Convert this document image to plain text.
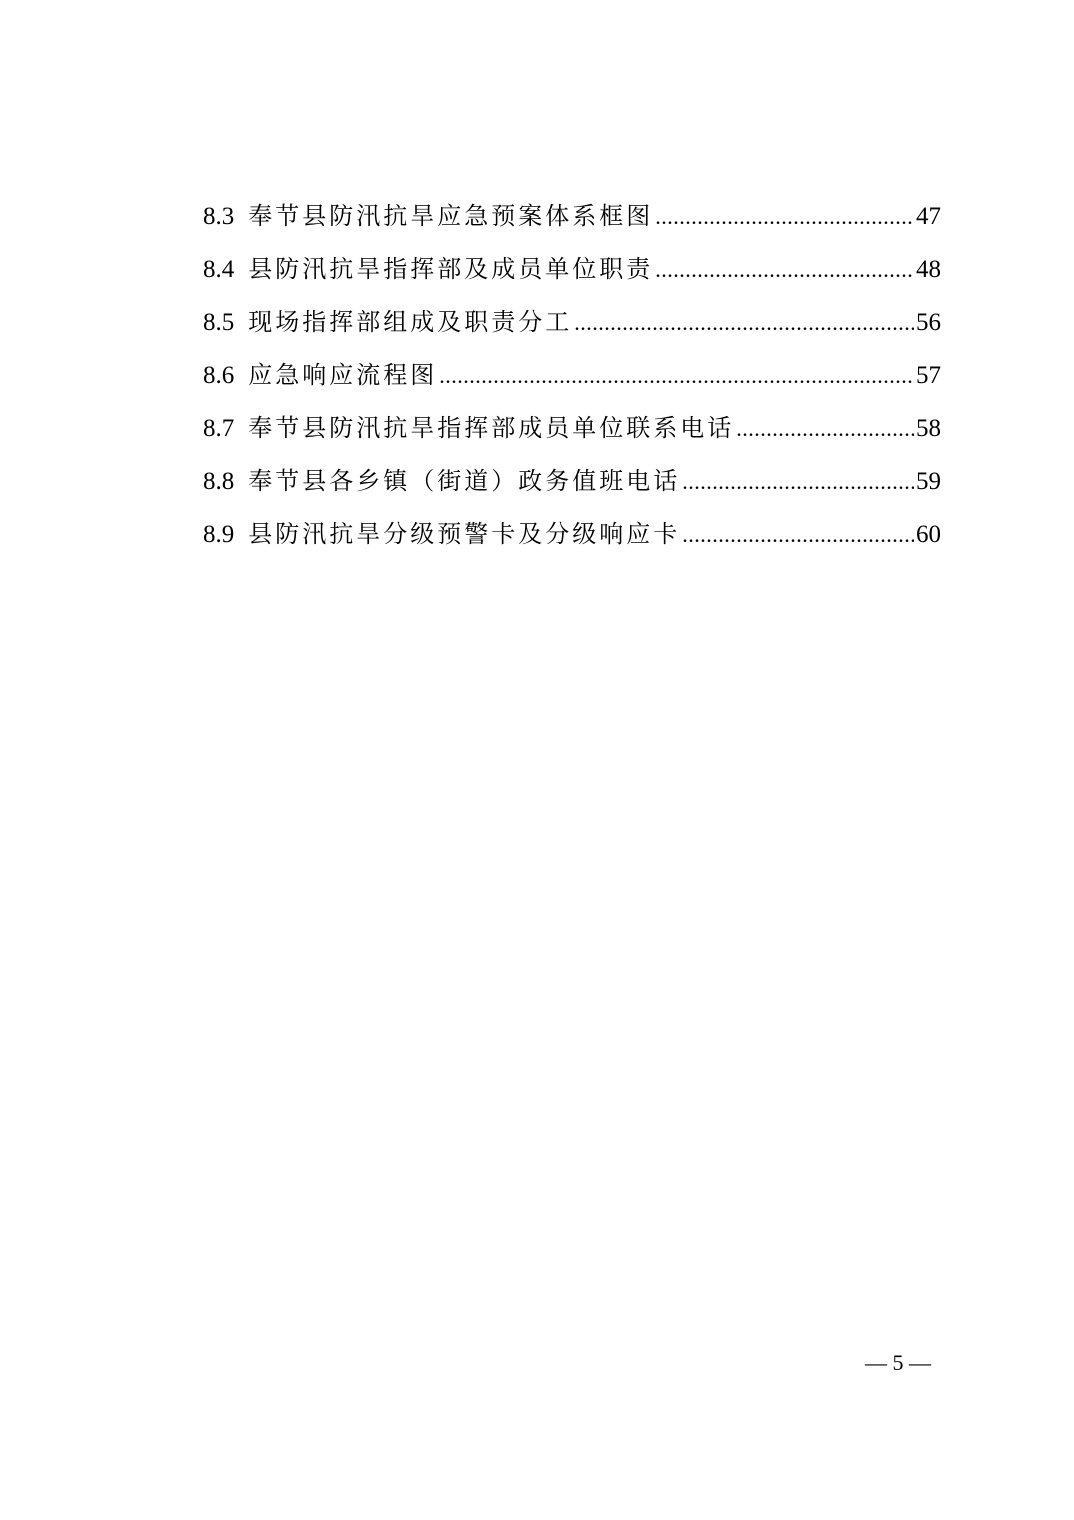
8.3 奉节县防汛抗旱应急预案体系框图 .....	47
8.4 县防汛抗旱指挥部及成员单位职责 .....	48
8.5 现场指挥部组成及职责分工 .....	56
8.6 应急响应流程图 .....	57
8.7 奉节县防汛抗旱指挥部成员单位联系电话 .....	58
8.8 奉节县各乡镇（街道）政务值班电话 .....	59
8.9 县防汛抗旱分级预警卡及分级响应卡 .....	60
— 5 —
